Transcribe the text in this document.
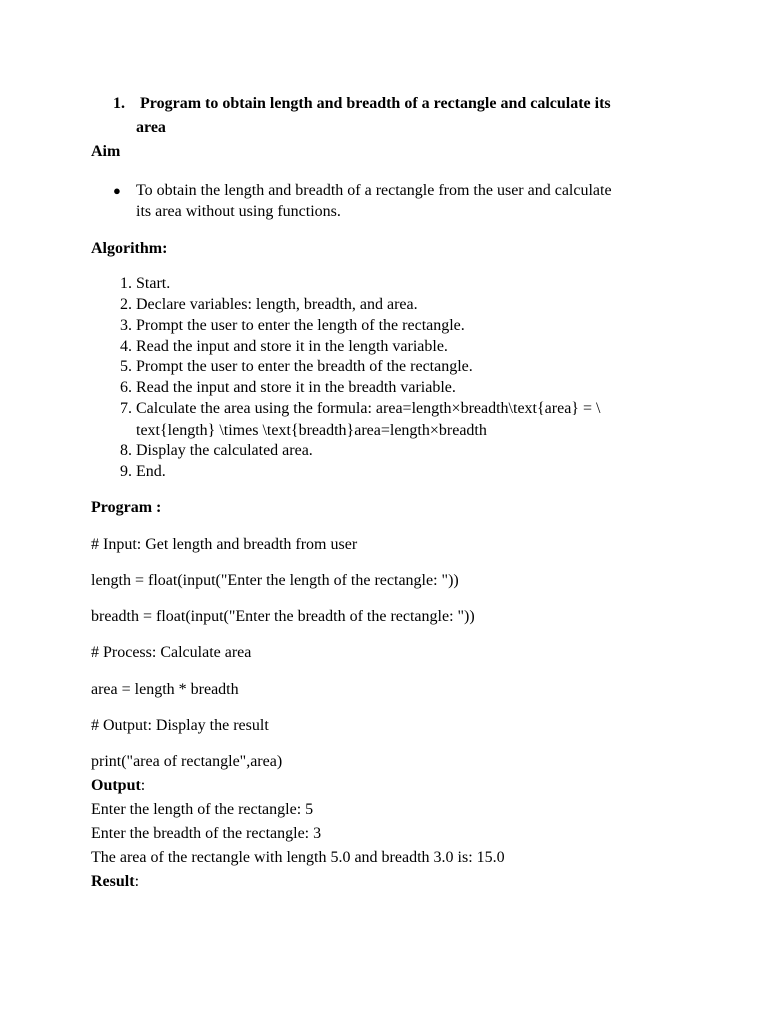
1. Program to obtain length and breadth of a rectangle and calculate its
area
Aim
● To obtain the length and breadth of a rectangle from the user and calculate
its area without using functions.
Algorithm:
1. Start.
2. Declare variables: length, breadth, and area.
3. Prompt the user to enter the length of the rectangle.
4. Read the input and store it in the length variable.
5. Prompt the user to enter the breadth of the rectangle.
6. Read the input and store it in the breadth variable.
7. Calculate the area using the formula: area=length×breadth\text{area} = \
text{length} \times \text{breadth}area=length×breadth
8. Display the calculated area.
9. End.
Program :
# Input: Get length and breadth from user
length = float(input("Enter the length of the rectangle: "))
breadth = float(input("Enter the breadth of the rectangle: "))
# Process: Calculate area
area = length * breadth
# Output: Display the result
print("area of rectangle",area)
Output:
Enter the length of the rectangle: 5
Enter the breadth of the rectangle: 3
The area of the rectangle with length 5.0 and breadth 3.0 is: 15.0
Result:
